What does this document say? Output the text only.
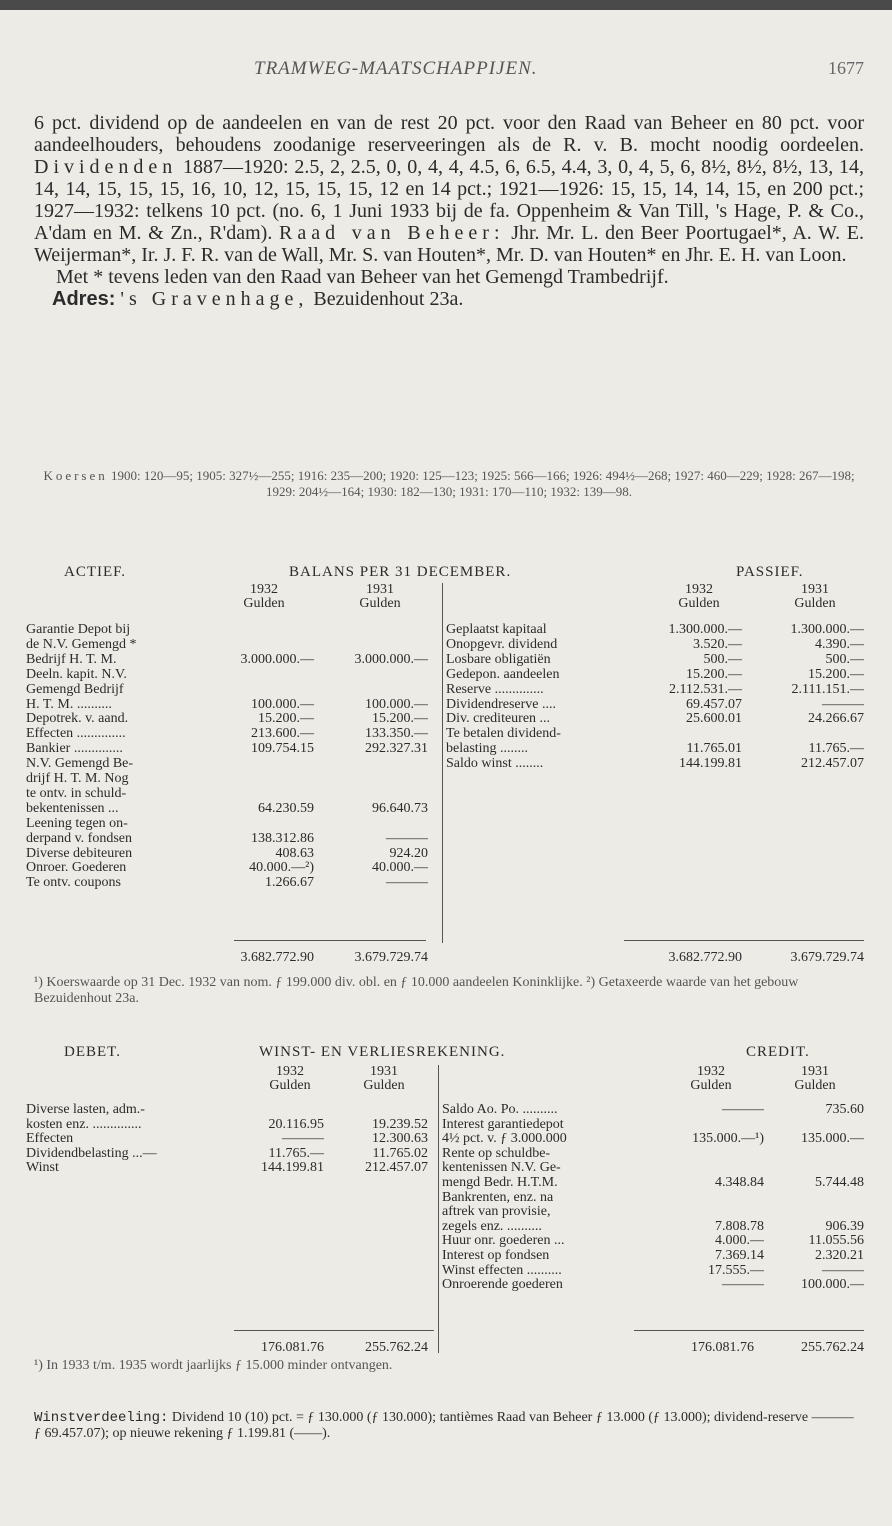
TRAMWEG-MAATSCHAPPIJEN.	1677

6 pct. dividend op de aandeelen en van de rest 20 pct. voor den Raad van Beheer en 80 pct. voor aandeelhouders, behoudens zoodanige reserveeringen als de R. v. B. mocht noodig oordeelen. Dividenden 1887—1920: 2.5, 2, 2.5, 0, 0, 4, 4, 4.5, 6, 6.5, 4.4, 3, 0, 4, 5, 6, 8½, 8½, 8½, 13, 14, 14, 14, 15, 15, 15, 16, 10, 12, 15, 15, 15, 12 en 14 pct.; 1921—1926: 15, 15, 14, 14, 15, en 200 pct.; 1927—1932: telkens 10 pct. (no. 6, 1 Juni 1933 bij de fa. Oppenheim & Van Till, 's Hage, P. & Co., A'dam en M. & Zn., R'dam). Raad van Beheer: Jhr. Mr. L. den Beer Poortugael*, A. W. E. Weijerman*, Ir. J. F. R. van de Wall, Mr. S. van Houten*, Mr. D. van Houten* en Jhr. E. H. van Loon.

Met * tevens leden van den Raad van Beheer van het Gemengd Trambedrijf.

Adres: 's Gravenhage, Bezuidenhout 23a.

Koersen 1900: 120—95; 1905: 327½—255; 1916: 235—200; 1920: 125—123; 1925: 566—166; 1926: 494½—268; 1927: 460—229; 1928: 267—198; 1929: 204½—164; 1930: 182—130; 1931: 170—110; 1932: 139—98.
ACTIEF.	BALANS PER 31 DECEMBER.	PASSIEF.
1932	1931
Gulden	Gulden
1932	1931
Gulden	Gulden
Garantie Depot bij
de N.V. Gemengd *
Bedrijf H. T. M.	3.000.000.—	3.000.000.—
Deeln. kapit. N.V.
Gemengd Bedrijf
H. T. M. ..........	100.000.—	100.000.—
Depotrek. v. aand.	15.200.—	15.200.—
Effecten ..............	213.600.—	133.350.—
Bankier ..............	109.754.15	292.327.31
N.V. Gemengd Be-
drijf H. T. M. Nog
te ontv. in schuld-
bekentenissen ...	64.230.59	96.640.73
Leening tegen on-
derpand v. fondsen	138.312.86	———
Diverse debiteuren	408.63	924.20
Onroer. Goederen	40.000.—²)	40.000.—
Te ontv. coupons	1.266.67	———
Geplaatst kapitaal	1.300.000.—	1.300.000.—
Onopgevr. dividend	3.520.—	4.390.—
Losbare obligatiën	500.—	500.—
Gedepon. aandeelen	15.200.—	15.200.—
Reserve ..............	2.112.531.—	2.111.151.—
Dividendreserve ....	69.457.07	———
Div. crediteuren ...	25.600.01	24.266.67
Te betalen dividend-
belasting ........	11.765.01	11.765.—
Saldo winst ........	144.199.81	212.457.07
3.682.772.90	3.679.729.74	3.682.772.90	3.679.729.74
¹) Koerswaarde op 31 Dec. 1932 van nom. ƒ 199.000 div. obl. en ƒ 10.000 aandeelen Koninklijke. ²) Getaxeerde waarde van het gebouw Bezuidenhout 23a.
DEBET.	WINST- EN VERLIESREKENING.	CREDIT.
1932	1931
Gulden	Gulden
1932	1931
Gulden	Gulden
Diverse lasten, adm.-
kosten enz. ..............	20.116.95	19.239.52
Effecten	———	12.300.63
Dividendbelasting ...—	11.765.—	11.765.02
Winst	144.199.81	212.457.07
Saldo Ao. Po. ..........	———	735.60
Interest garantiedepot
4½ pct. v. ƒ 3.000.000	135.000.—¹)	135.000.—
Rente op schuldbe-
kentenissen N.V. Ge-
mengd Bedr. H.T.M.	4.348.84	5.744.48
Bankrenten, enz. na
aftrek van provisie,
zegels enz. ..........	7.808.78	906.39
Huur onr. goederen ...	4.000.—	11.055.56
Interest op fondsen	7.369.14	2.320.21
Winst effecten ..........	17.555.—	———
Onroerende goederen	———	100.000.—
176.081.76	255.762.24	176.081.76	255.762.24
¹) In 1933 t/m. 1935 wordt jaarlijks ƒ 15.000 minder ontvangen.
Winstverdeeling: Dividend 10 (10) pct. = ƒ 130.000 (ƒ 130.000); tantièmes Raad van Beheer ƒ 13.000 (ƒ 13.000); dividend-reserve ——— ƒ 69.457.07); op nieuwe rekening ƒ 1.199.81 (——).
